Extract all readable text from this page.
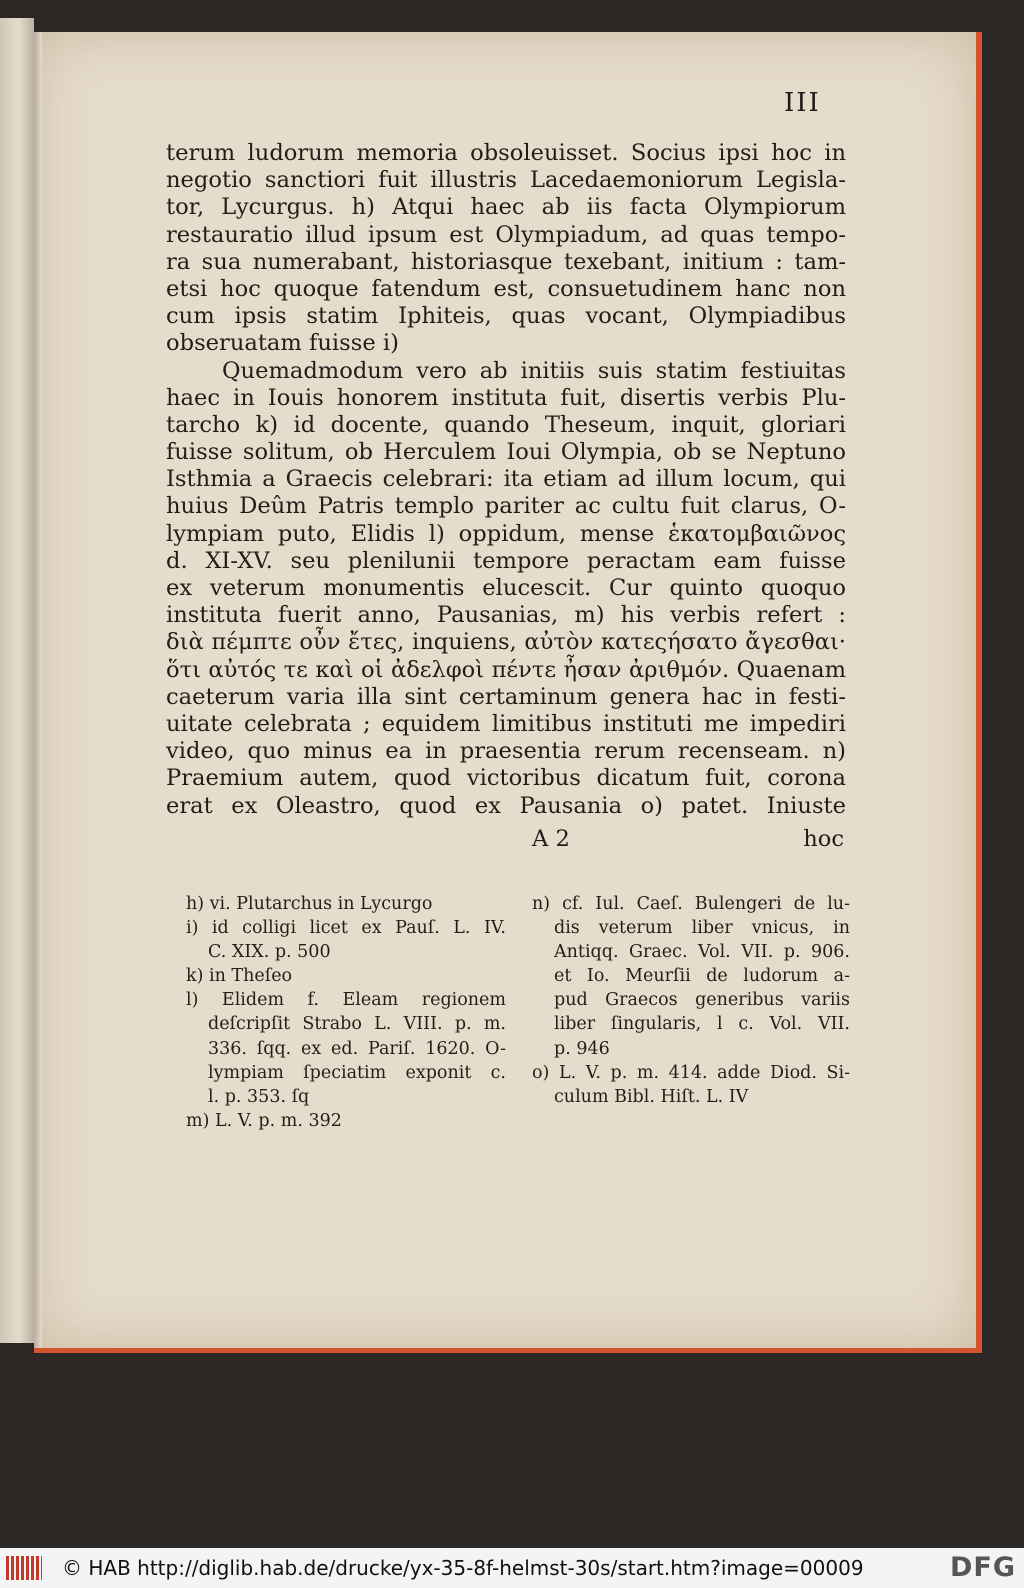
III
terum ludorum memoria obsoleuisset. Socius ipsi hoc in
negotio sanctiori fuit illustris Lacedaemoniorum Legisla-
tor, Lycurgus. h) Atqui haec ab iis facta Olympiorum
restauratio illud ipsum est Olympiadum, ad quas tempo-
ra sua numerabant, historiasque texebant, initium : tam-
etsi hoc quoque fatendum est, consuetudinem hanc non
cum ipsis statim Iphiteis, quas vocant, Olympiadibus
obseruatam fuisse i)
Quemadmodum vero ab initiis suis statim festiuitas
haec in Iouis honorem instituta fuit, disertis verbis Plu-
tarcho k) id docente, quando Theseum, inquit, gloriari
fuisse solitum, ob Herculem Ioui Olympia, ob se Neptuno
Isthmia a Graecis celebrari: ita etiam ad illum locum, qui
huius Deûm Patris templo pariter ac cultu fuit clarus, O-
lympiam puto, Elidis l) oppidum, mense ἑκατομβαιῶνος
d. XI-XV. seu plenilunii tempore peractam eam fuisse
ex veterum monumentis elucescit. Cur quinto quoquo
instituta fuerit anno, Pausanias, m) his verbis refert :
διὰ πέμπτε οὖν ἔτες, inquiens, αὐτὸν κατεςήσατο ἄγεσθαι·
ὅτι αὐτός τε καὶ οἱ ἀδελφοὶ πέντε ἦσαν ἀριθμόν. Quaenam
caeterum varia illa sint certaminum genera hac in festi-
uitate celebrata ; equidem limitibus instituti me impediri
video, quo minus ea in praesentia rerum recenseam. n)
Praemium autem, quod victoribus dicatum fuit, corona
erat ex Oleastro, quod ex Pausania o) patet. Iniuste
A 2	hoc
h) vi. Plutarchus in Lycurgo
i) id colligi licet ex Pauſ. L. IV.
C. XIX. p. 500
k) in Theſeo
l) Elidem f. Eleam regionem
deſcripſit Strabo L. VIII. p. m.
336. ſqq. ex ed. Pariſ. 1620. O-
lympiam ſpeciatim exponit c.
l. p. 353. ſq
m) L. V. p. m. 392
n) cf. Iul. Caeſ. Bulengeri de lu-
dis veterum liber vnicus, in
Antiqq. Graec. Vol. VII. p. 906.
et Io. Meurſii de ludorum a-
pud Graecos generibus variis
liber ſingularis, l c. Vol. VII.
p. 946
o) L. V. p. m. 414. adde Diod. Si-
culum Bibl. Hiſt. L. IV
© HAB http://diglib.hab.de/drucke/yx-35-8f-helmst-30s/start.htm?image=00009	DFG
